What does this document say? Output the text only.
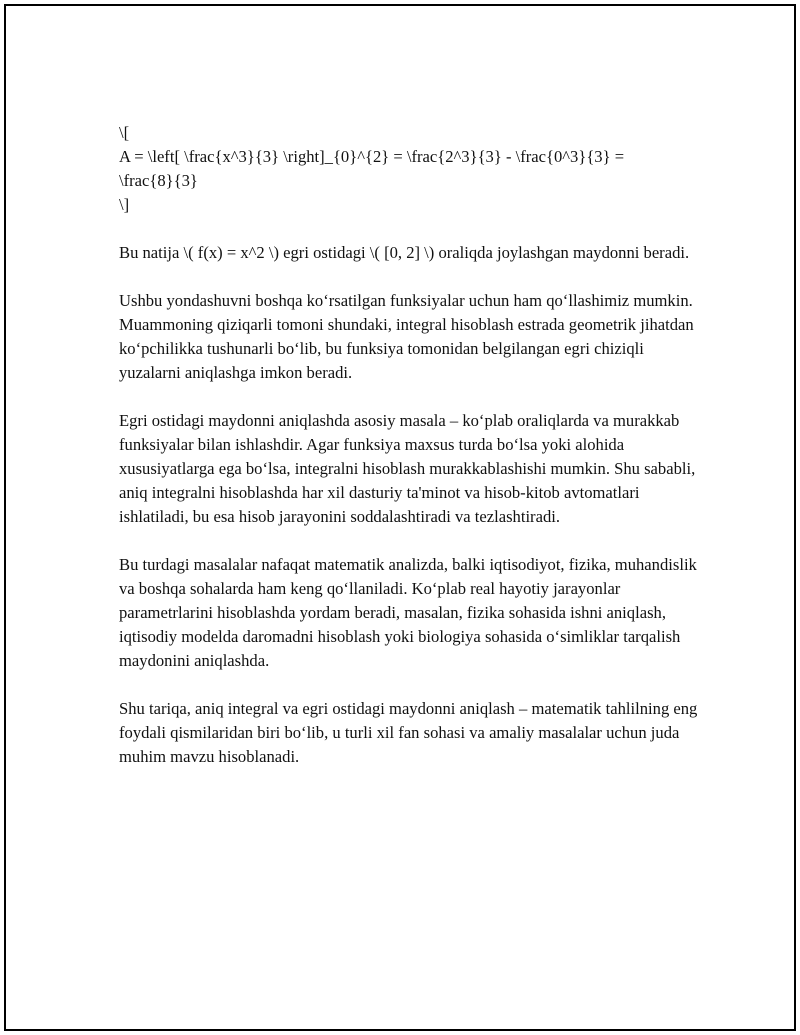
\[
A = \left[ \frac{x^3}{3} \right]_{0}^{2} = \frac{2^3}{3} - \frac{0^3}{3} =
\frac{8}{3}
\]

Bu natija \( f(x) = x^2 \) egri ostidagi \( [0, 2] \) oraliqda joylashgan maydonni beradi.

Ushbu yondashuvni boshqa koʻrsatilgan funksiyalar uchun ham qoʻllashimiz mumkin. Muammoning qiziqarli tomoni shundaki, integral hisoblash estrada geometrik jihatdan koʻpchilikka tushunarli boʻlib, bu funksiya tomonidan belgilangan egri chiziqli yuzalarni aniqlashga imkon beradi.

Egri ostidagi maydonni aniqlashda asosiy masala – koʻplab oraliqlarda va murakkab funksiyalar bilan ishlashdir. Agar funksiya maxsus turda boʻlsa yoki alohida xususiyatlarga ega boʻlsa, integralni hisoblash murakkablashishi mumkin. Shu sababli, aniq integralni hisoblashda har xil dasturiy ta'minot va hisob-kitob avtomatlari ishlatiladi, bu esa hisob jarayonini soddalashtiradi va tezlashtiradi.

Bu turdagi masalalar nafaqat matematik analizda, balki iqtisodiyot, fizika, muhandislik va boshqa sohalarda ham keng qoʻllaniladi. Koʻplab real hayotiy jarayonlar parametrlarini hisoblashda yordam beradi, masalan, fizika sohasida ishni aniqlash, iqtisodiy modelda daromadni hisoblash yoki biologiya sohasida oʻsimliklar tarqalish maydonini aniqlashda.

Shu tariqa, aniq integral va egri ostidagi maydonni aniqlash – matematik tahlilning eng foydali qismilaridan biri boʻlib, u turli xil fan sohasi va amaliy masalalar uchun juda muhim mavzu hisoblanadi.
